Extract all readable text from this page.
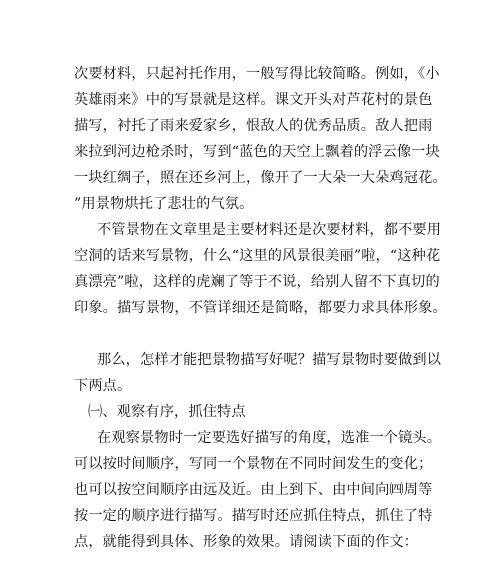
次要材料，只起衬托作用，一般写得比较简略。例如，《小
英雄雨来》中的写景就是这样。课文开头对芦花村的景色
描写，衬托了雨来爱家乡，恨敌人的优秀品质。敌人把雨
来拉到河边枪杀时，写到“蓝色的天空上飘着的浮云像一块
一块红绸子，照在还乡河上，像开了一大朵一大朵鸡冠花。
”用景物烘托了悲壮的气氛。
不管景物在文章里是主要材料还是次要材料，都不要用
空洞的话来写景物，什么“这里的风景很美丽”啦，“这种花
真漂亮”啦，这样的虎斓了等于不说，给别人留不下真切的
印象。描写景物，不管详细还是简略，都要力求具体形象。
那么，怎样才能把景物描写好呢？描写景物时要做到以
下两点。
㈠、观察有序，抓住特点
在观察景物时一定要选好描写的角度，选准一个镜头。
可以按时间顺序，写同一个景物在不同时间发生的变化；
也可以按空间顺序由远及近。由上到下、由中间向㈣周等
按一定的顺序进行描写。描写时还应抓住特点，抓住了特
点，就能得到具体、形象的效果。请阅读下面的作文：
